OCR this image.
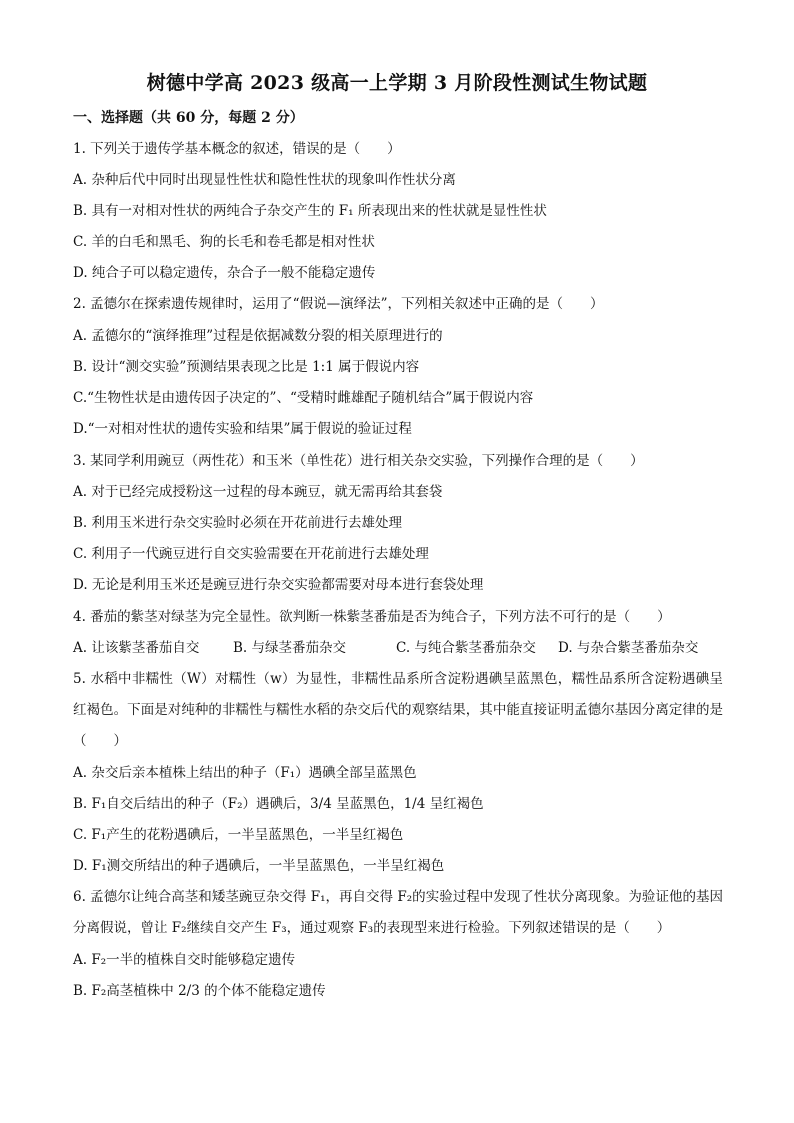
树德中学高 2023 级高一上学期 3 月阶段性测试生物试题
一、选择题（共 60 分，每题 2 分）
1. 下列关于遗传学基本概念的叙述，错误的是（　　）
A. 杂种后代中同时出现显性性状和隐性性状的现象叫作性状分离
B. 具有一对相对性状的两纯合子杂交产生的 F₁ 所表现出来的性状就是显性性状
C. 羊的白毛和黑毛、狗的长毛和卷毛都是相对性状
D. 纯合子可以稳定遗传，杂合子一般不能稳定遗传
2. 孟德尔在探索遗传规律时，运用了“假说—演绎法”，下列相关叙述中正确的是（　　）
A. 孟德尔的“演绎推理”过程是依据减数分裂的相关原理进行的
B. 设计“测交实验”预测结果表现之比是 1:1 属于假说内容
C.“生物性状是由遗传因子决定的”、“受精时雌雄配子随机结合”属于假说内容
D.“一对相对性状的遗传实验和结果”属于假说的验证过程
3. 某同学利用豌豆（两性花）和玉米（单性花）进行相关杂交实验，下列操作合理的是（　　）
A. 对于已经完成授粉这一过程的母本豌豆，就无需再给其套袋
B. 利用玉米进行杂交实验时必须在开花前进行去雄处理
C. 利用子一代豌豆进行自交实验需要在开花前进行去雄处理
D. 无论是利用玉米还是豌豆进行杂交实验都需要对母本进行套袋处理
4. 番茄的紫茎对绿茎为完全显性。欲判断一株紫茎番茄是否为纯合子，下列方法不可行的是（　　）
A. 让该紫茎番茄自交 B. 与绿茎番茄杂交	C. 与纯合紫茎番茄杂交 D. 与杂合紫茎番茄杂交
5. 水稻中非糯性（W）对糯性（w）为显性，非糯性品系所含淀粉遇碘呈蓝黑色，糯性品系所含淀粉遇碘呈红褐色。下面是对纯种的非糯性与糯性水稻的杂交后代的观察结果，其中能直接证明孟德尔基因分离定律的是（　　）
A. 杂交后亲本植株上结出的种子（F₁）遇碘全部呈蓝黑色
B. F₁自交后结出的种子（F₂）遇碘后，3/4 呈蓝黑色，1/4 呈红褐色
C. F₁产生的花粉遇碘后，一半呈蓝黑色，一半呈红褐色
D. F₁测交所结出的种子遇碘后，一半呈蓝黑色，一半呈红褐色
6. 孟德尔让纯合高茎和矮茎豌豆杂交得 F₁，再自交得 F₂的实验过程中发现了性状分离现象。为验证他的基因分离假说，曾让 F₂继续自交产生 F₃，通过观察 F₃的表现型来进行检验。下列叙述错误的是（　　）
A. F₂一半的植株自交时能够稳定遗传
B. F₂高茎植株中 2/3 的个体不能稳定遗传
